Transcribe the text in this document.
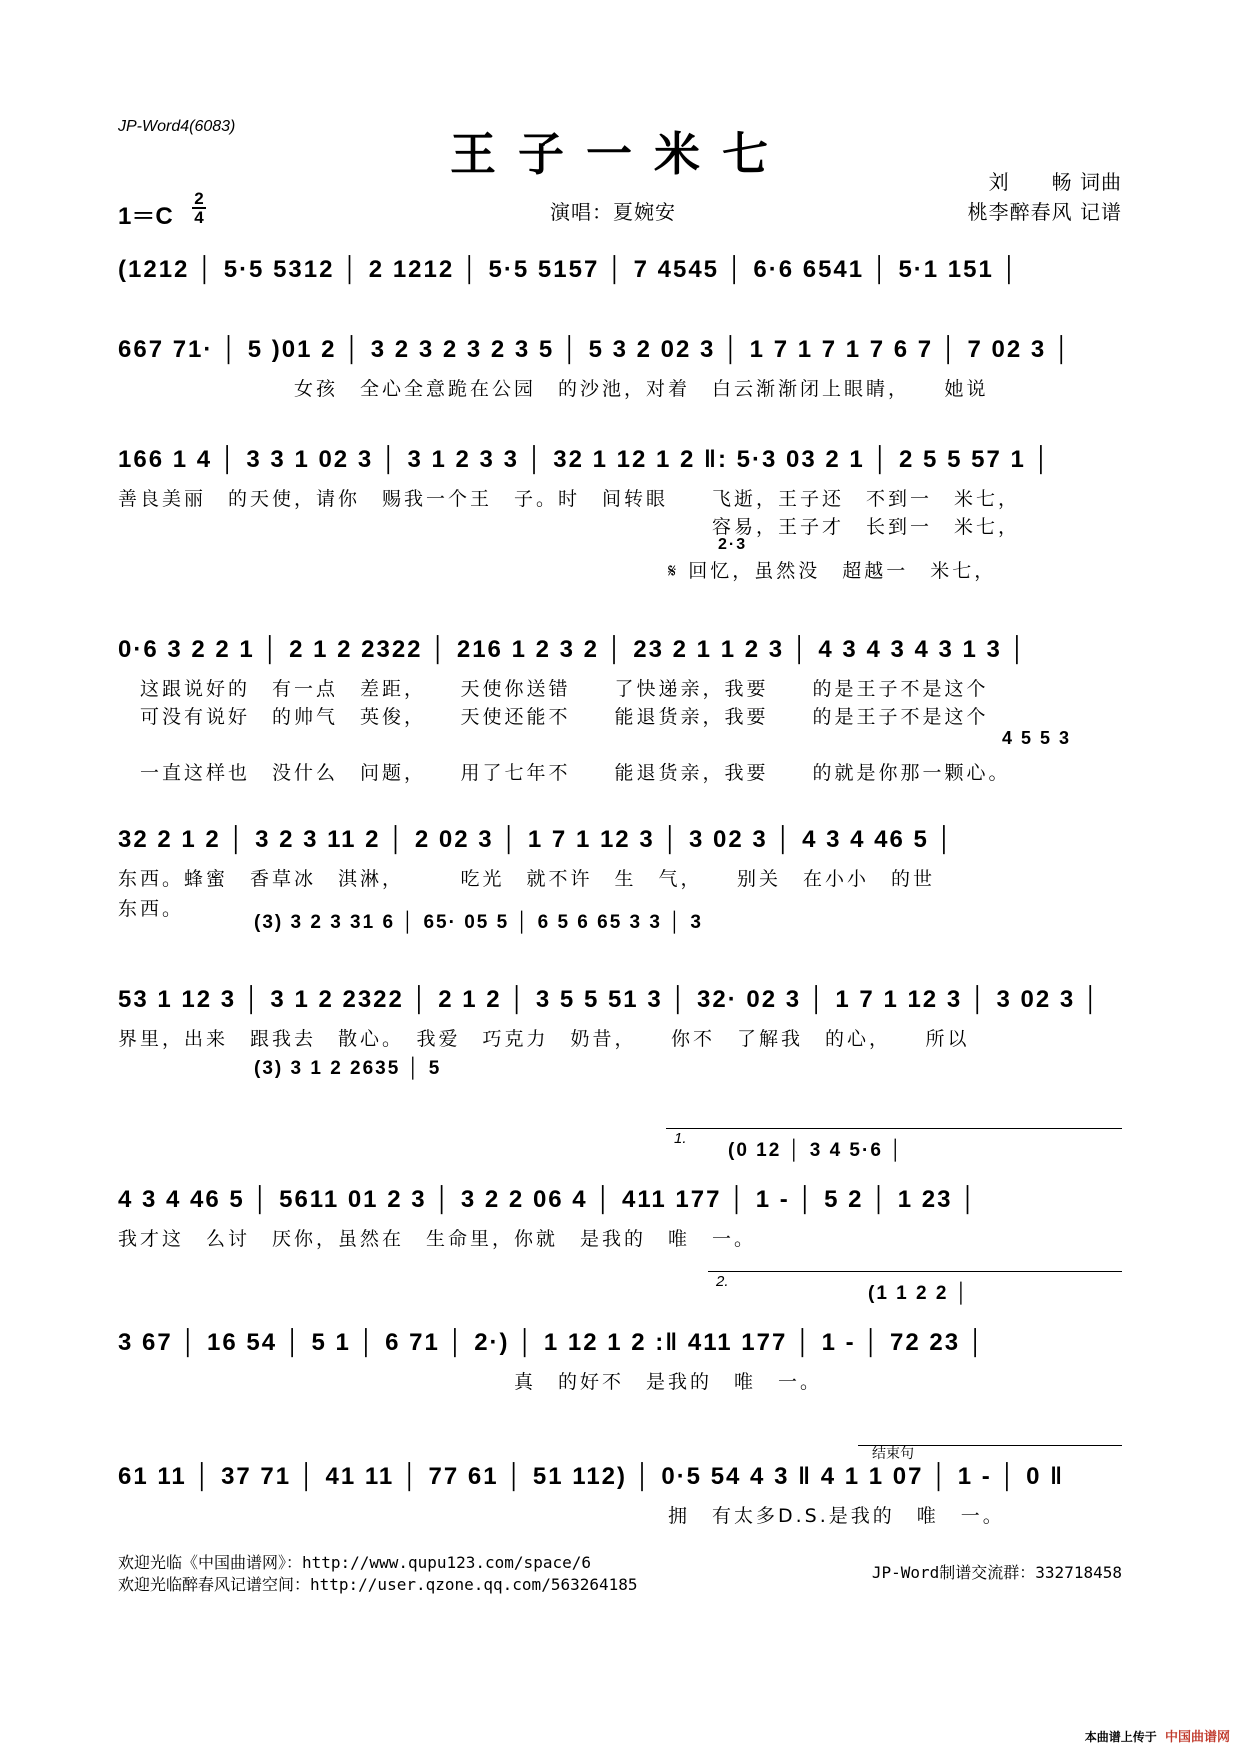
JP-Word4(6083)
王子一米七
刘　　畅 词曲
1＝C
2
4	演唱：夏婉安	桃李醉春风 记谱
(1212 │ 5·5 5312 │ 2 1212 │ 5·5 5157 │ 7 4545 │ 6·6 6541 │ 5·1 151 │
667 71· │ 5 )01 2 │ 3 2 3 2 3 2 3 5 │ 5 3 2 02 3 │ 1 7 1 7 1 7 6 7 │ 7 02 3 │
　　　　　　　　女孩　全心全意跪在公园　的沙池，对着　白云渐渐闭上眼睛，　　她说
166 1 4 │ 3 3 1 02 3 │ 3 1 2 3 3 │ 32 1 12 1 2 ‖: 5·3 03 2 1 │ 2 5 5 57 1 │
善良美丽　的天使，请你　赐我一个王　子。时　间转眼　　飞逝，王子还　不到一　米七，
　　　　　　　　　　　　　　　　　　　　　　　　　　　容易，王子才　长到一　米七，
2·3
　　　　　　　　　　　　　　　　　　　　　　　　　𝄋 回忆，虽然没　超越一　米七，
0·6 3 2 2 1 │ 2 1 2 2322 │ 216 1 2 3 2 │ 23 2 1 1 2 3 │ 4 3 4 3 4 3 1 3 │
　这跟说好的　有一点　差距，　　天使你送错　　了快递亲，我要　　的是王子不是这个
　可没有说好　的帅气　英俊，　　天使还能不　　能退货亲，我要　　的是王子不是这个
4 5 5 3
　一直这样也　没什么　问题，　　用了七年不　　能退货亲，我要　　的就是你那一颗心。
32 2 1 2 │ 3 2 3 11 2 │ 2 02 3 │ 1 7 1 12 3 │ 3 02 3 │ 4 3 4 46 5 │
东西。蜂蜜　香草冰　淇淋，　　　吃光　就不许　生　气，　　别关　在小小　的世
东西。
(3) 3 2 3 31 6 │ 65· 05 5 │ 6 5 6 65 3 3 │ 3
53 1 12 3 │ 3 1 2 2322 │ 2 1 2 │ 3 5 5 51 3 │ 32· 02 3 │ 1 7 1 12 3 │ 3 02 3 │
界里，出来　跟我去　散心。　我爱　巧克力　奶昔，　　你不　了解我　的心，　　所以
(3) 3 1 2 2635 │ 5
1.
(0 12 │ 3 4 5·6 │
4 3 4 46 5 │ 5611 01 2 3 │ 3 2 2 06 4 │ 411 177 │ 1 - │ 5 2 │ 1 23 │
我才这　么讨　厌你，虽然在　生命里，你就　是我的　唯　一。
2.
(1 1 2 2 │
3 67 │ 16 54 │ 5 1 │ 6 71 │ 2·) │ 1 12 1 2 :‖ 411 177 │ 1 - │ 72 23 │
　　　　　　　　　　　　　　　　　　真　的好不　是我的　唯　一。
结束句
61 11 │ 37 71 │ 41 11 │ 77 61 │ 51 112) │ 0·5 54 4 3 ‖ 4 1 1 07 │ 1 - │ 0 ‖
　　　　　　　　　　　　　　　　　　　　　　　　　拥　有太多D.S.是我的　唯　一。
欢迎光临《中国曲谱网》：http://www.qupu123.com/space/6
欢迎光临醉春风记谱空间：http://user.qzone.qq.com/563264185
JP-Word制谱交流群：332718458
本曲谱上传于 中国曲谱网
